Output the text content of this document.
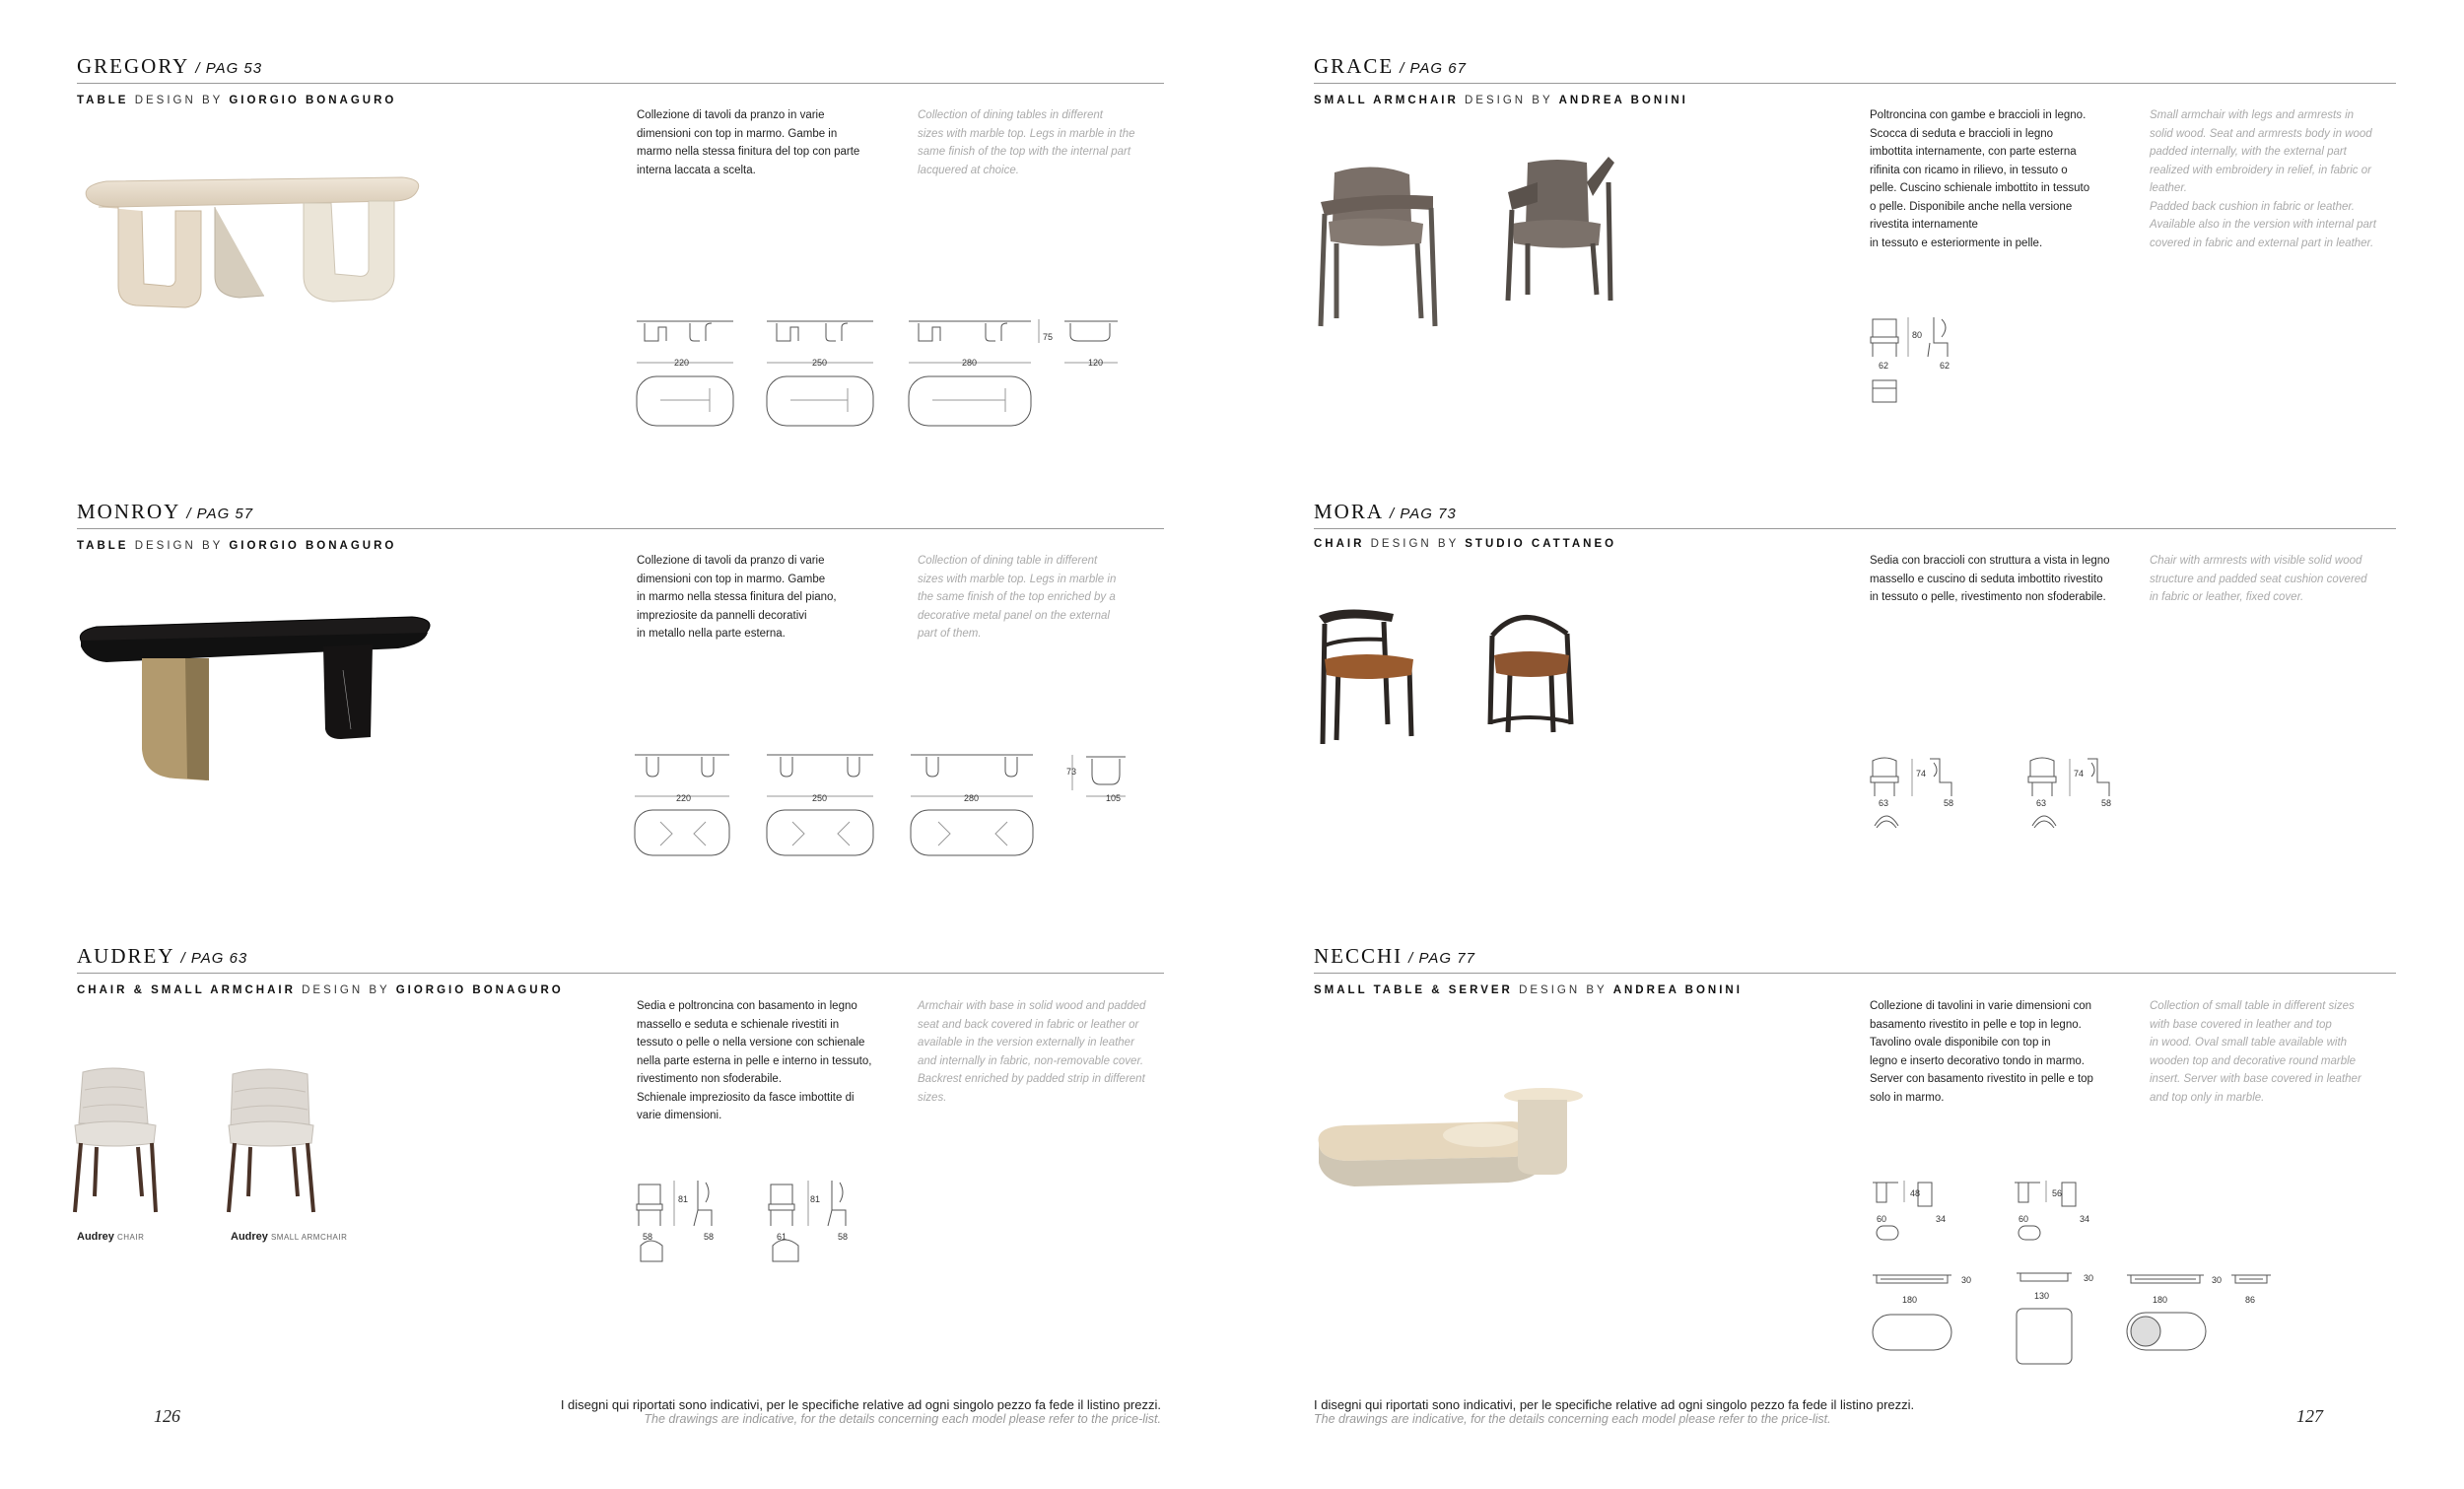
GREGORY / PAG 53
TABLE DESIGN BY GIORGIO BONAGURO
Collezione di tavoli da pranzo in varie
dimensioni con top in marmo. Gambe in
marmo nella stessa finitura del top con parte
interna laccata a scelta.
Collection of dining tables in different
sizes with marble top. Legs in marble in the
same finish of the top with the internal part
lacquered at choice.
220	250	280
75
120
MONROY / PAG 57
TABLE DESIGN BY GIORGIO BONAGURO
Collezione di tavoli da pranzo di varie
dimensioni con top in marmo. Gambe
in marmo nella stessa finitura del piano,
impreziosite da pannelli decorativi
in metallo nella parte esterna.
Collection of dining table in different
sizes with marble top. Legs in marble in
the same finish of the top enriched by a
decorative metal panel on the external
part of them.
220	250	280
73
105
AUDREY / PAG 63
CHAIR & SMALL ARMCHAIR DESIGN BY GIORGIO BONAGURO
Sedia e poltroncina con basamento in legno
massello e seduta e schienale rivestiti in
tessuto o pelle o nella versione con schienale
nella parte esterna in pelle e interno in tessuto,
rivestimento non sfoderabile.
Schienale impreziosito da fasce imbottite di
varie dimensioni.
Armchair with base in solid wood and padded
seat and back covered in fabric or leather or
available in the version externally in leather
and internally in fabric, non-removable cover.
Backrest enriched by padded strip in different
sizes.
Audrey CHAIR	Audrey SMALL ARMCHAIR
81
58	58
81
61	58
126
I disegni qui riportati sono indicativi, per le specifiche relative ad ogni singolo pezzo fa fede il listino prezzi.
The drawings are indicative, for the details concerning each model please refer to the price-list.
GRACE / PAG 67
SMALL ARMCHAIR DESIGN BY ANDREA BONINI
Poltroncina con gambe e braccioli in legno.
Scocca di seduta e braccioli in legno
imbottita internamente, con parte esterna
rifinita con ricamo in rilievo, in tessuto o
pelle. Cuscino schienale imbottito in tessuto
o pelle. Disponibile anche nella versione
rivestita internamente
in tessuto e esteriormente in pelle.
Small armchair with legs and armrests in
solid wood. Seat and armrests body in wood
padded internally, with the external part
realized with embroidery in relief, in fabric or
leather.
Padded back cushion in fabric or leather.
Available also in the version with internal part
covered in fabric and external part in leather.
80
62	62
MORA / PAG 73
CHAIR DESIGN BY STUDIO CATTANEO
Sedia con braccioli con struttura a vista in legno
massello e cuscino di seduta imbottito rivestito
in tessuto o pelle, rivestimento non sfoderabile.
Chair with armrests with visible solid wood
structure and padded seat cushion covered
in fabric or leather, fixed cover.
74
63	58
74
63	58
NECCHI / PAG 77
SMALL TABLE & SERVER DESIGN BY ANDREA BONINI
Collezione di tavolini in varie dimensioni con
basamento rivestito in pelle e top in legno.
Tavolino ovale disponibile con top in
legno e inserto decorativo tondo in marmo.
Server con basamento rivestito in pelle e top
solo in marmo.
Collection of small table in different sizes
with base covered in leather and top
in wood. Oval small table available with
wooden top and decorative round marble
insert. Server with base covered in leather
and top only in marble.
48
60	34
56
60	34
30
180
30
130
30
180	86
I disegni qui riportati sono indicativi, per le specifiche relative ad ogni singolo pezzo fa fede il listino prezzi.
The drawings are indicative, for the details concerning each model please refer to the price-list.	127
